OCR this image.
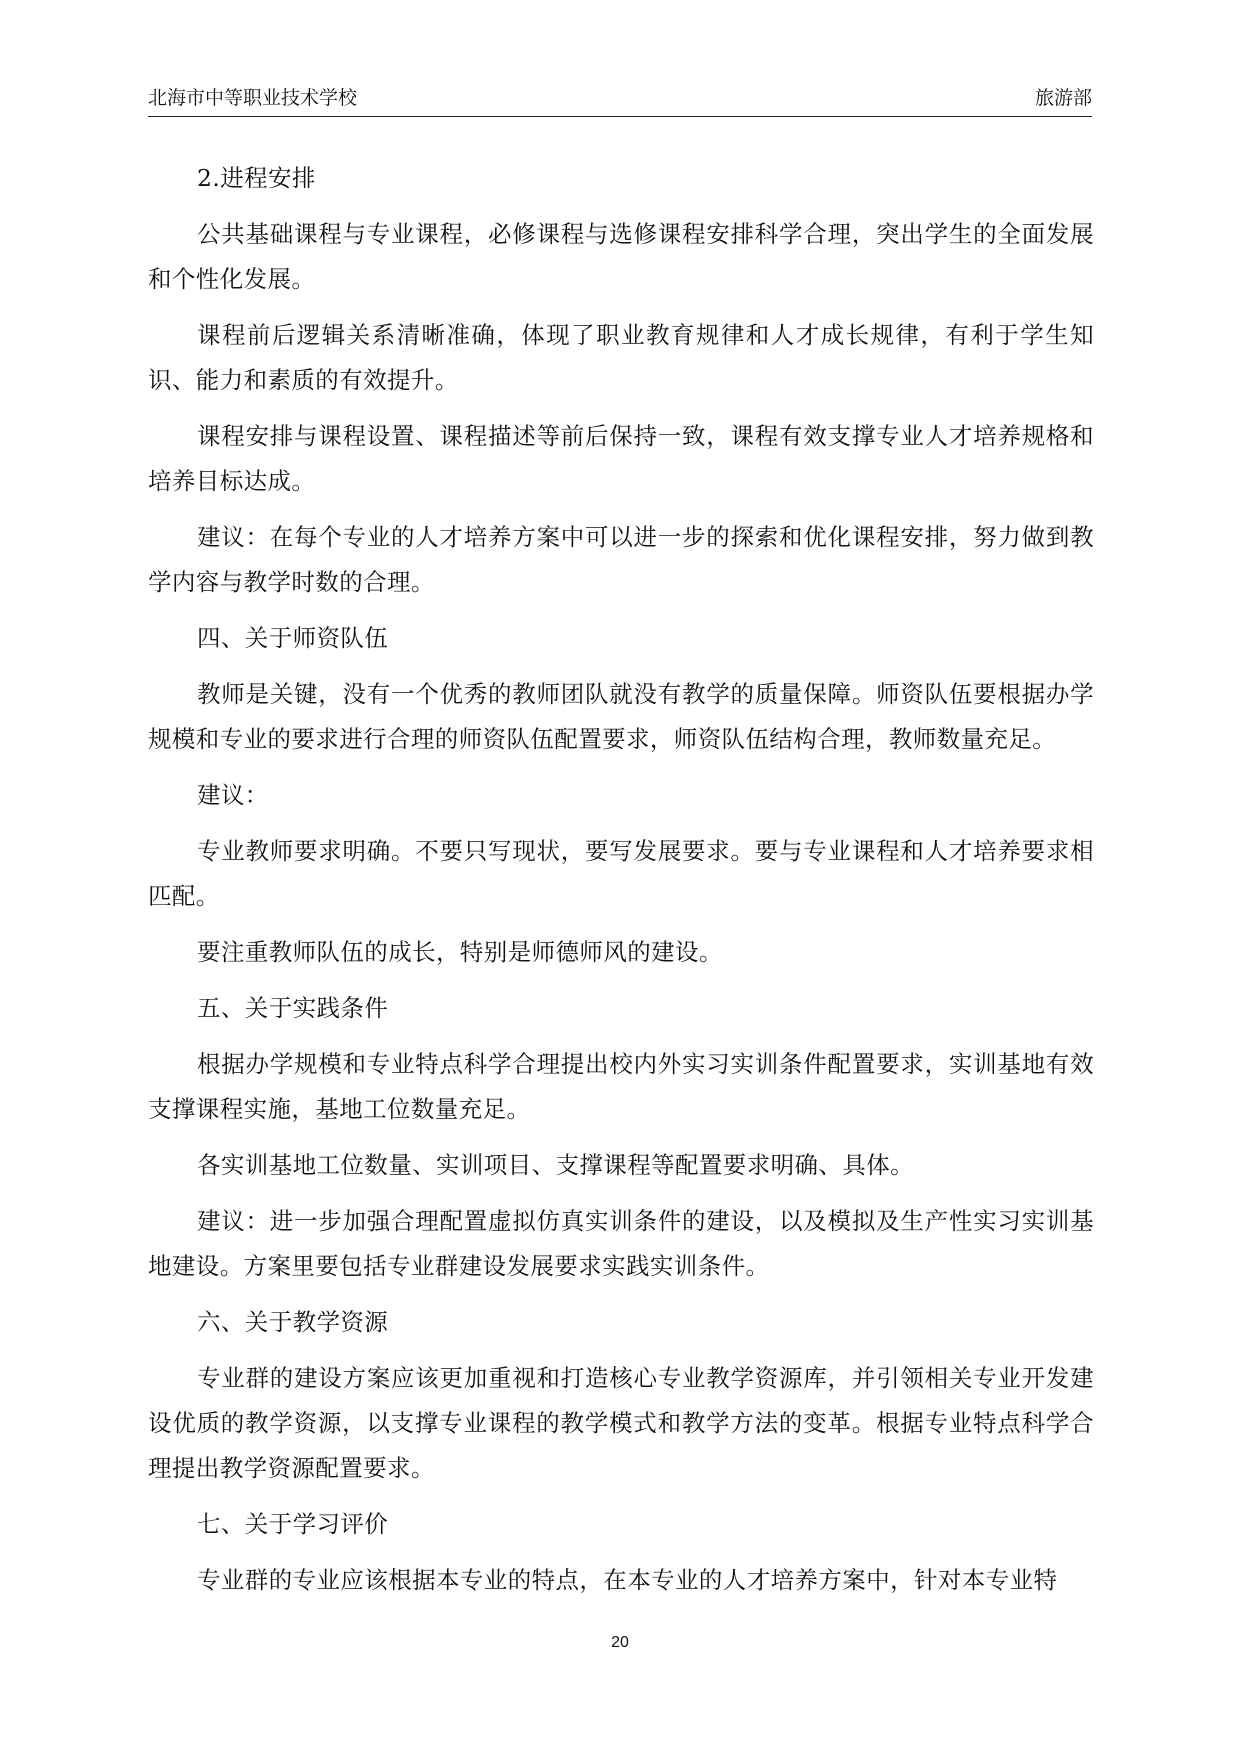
北海市中等职业技术学校	旅游部

2.进程安排

公共基础课程与专业课程，必修课程与选修课程安排科学合理，突出学生的全面发展和个性化发展。

课程前后逻辑关系清晰准确，体现了职业教育规律和人才成长规律，有利于学生知识、能力和素质的有效提升。

课程安排与课程设置、课程描述等前后保持一致，课程有效支撑专业人才培养规格和培养目标达成。

建议：在每个专业的人才培养方案中可以进一步的探索和优化课程安排，努力做到教学内容与教学时数的合理。

四、关于师资队伍

教师是关键，没有一个优秀的教师团队就没有教学的质量保障。师资队伍要根据办学规模和专业的要求进行合理的师资队伍配置要求，师资队伍结构合理，教师数量充足。

建议：

专业教师要求明确。不要只写现状，要写发展要求。要与专业课程和人才培养要求相匹配。

要注重教师队伍的成长，特别是师德师风的建设。

五、关于实践条件

根据办学规模和专业特点科学合理提出校内外实习实训条件配置要求，实训基地有效支撑课程实施，基地工位数量充足。

各实训基地工位数量、实训项目、支撑课程等配置要求明确、具体。

建议：进一步加强合理配置虚拟仿真实训条件的建设，以及模拟及生产性实习实训基地建设。方案里要包括专业群建设发展要求实践实训条件。

六、关于教学资源

专业群的建设方案应该更加重视和打造核心专业教学资源库，并引领相关专业开发建设优质的教学资源，以支撑专业课程的教学模式和教学方法的变革。根据专业特点科学合理提出教学资源配置要求。

七、关于学习评价

专业群的专业应该根据本专业的特点，在本专业的人才培养方案中，针对本专业特

20
